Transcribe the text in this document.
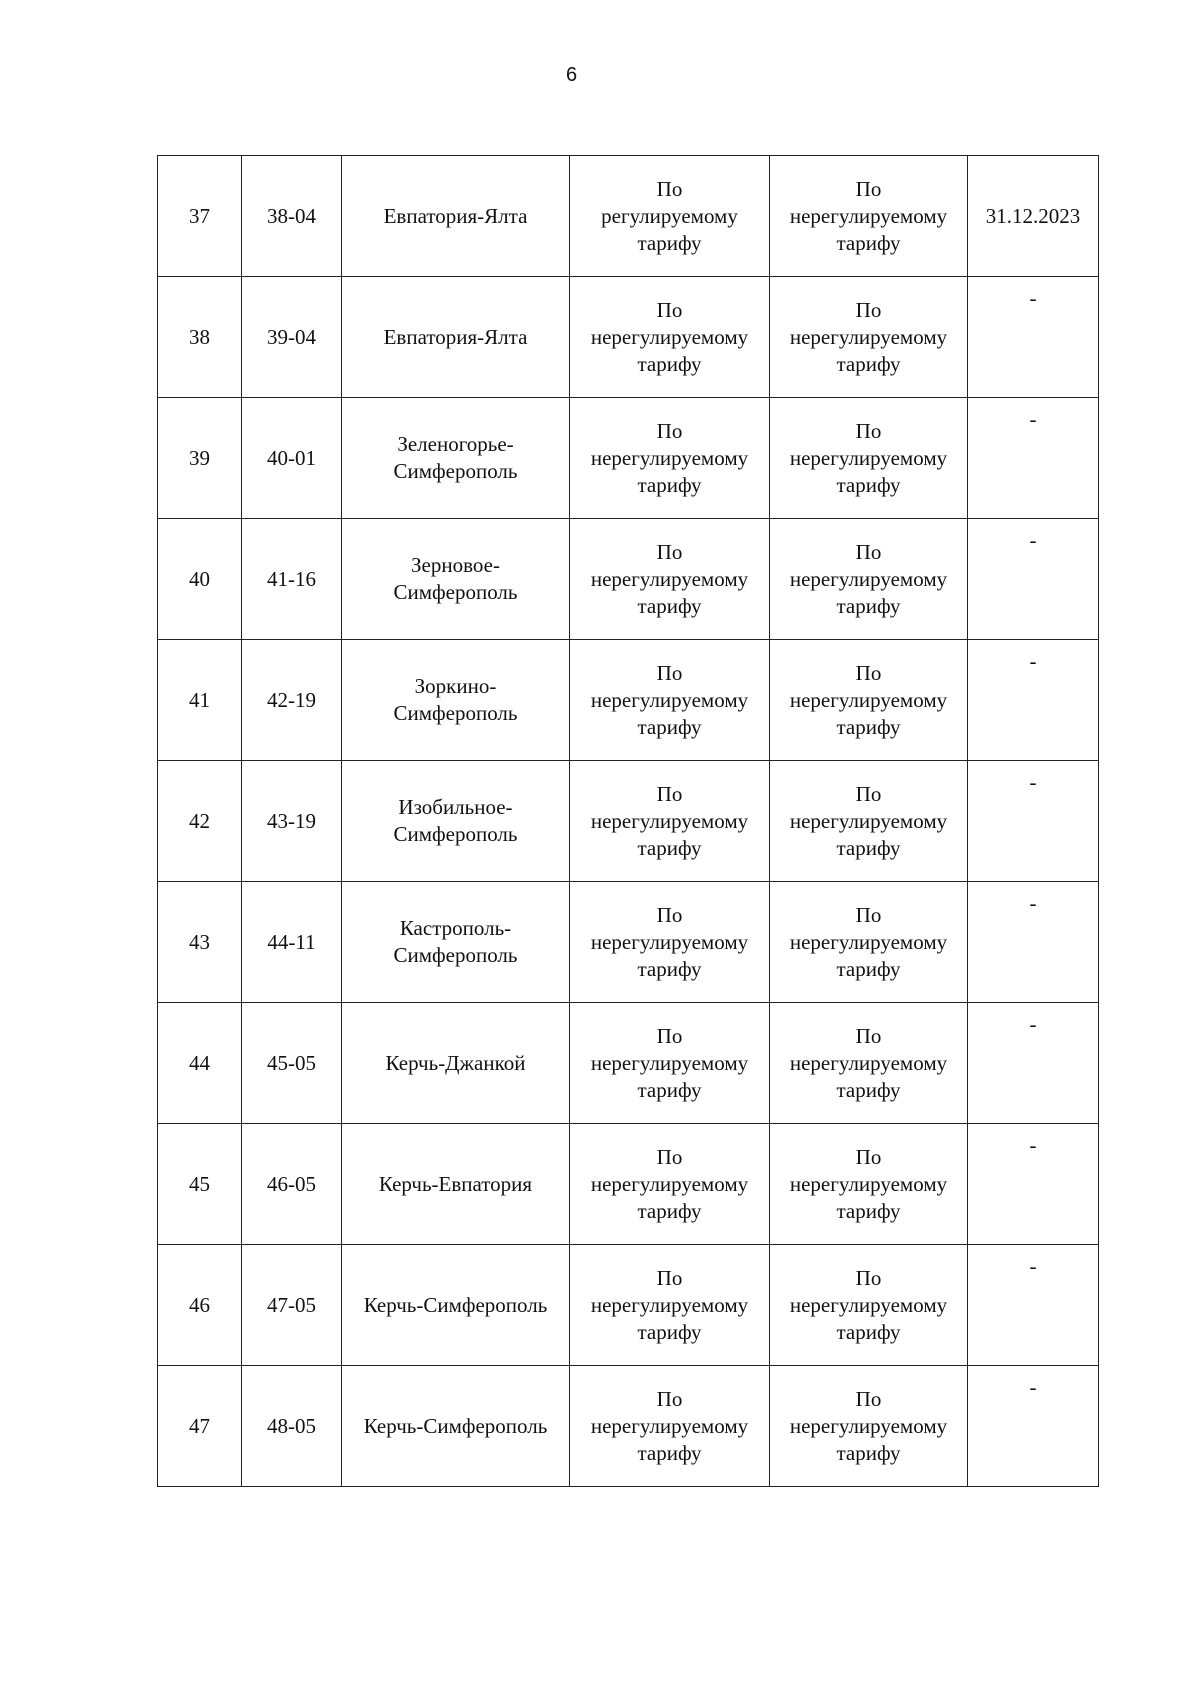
6
37	38-04	Евпатория-Ялта	По
регулируемому
тарифу	По
нерегулируемому
тарифу	31.12.2023
38	39-04	Евпатория-Ялта	По
нерегулируемому
тарифу	По
нерегулируемому
тарифу	-

39	40-01	Зеленогорье-
Симферополь	По
нерегулируемому
тарифу	По
нерегулируемому
тарифу	-

40	41-16	Зерновое-
Симферополь	По
нерегулируемому
тарифу	По
нерегулируемому
тарифу	-

41	42-19	Зоркино-
Симферополь	По
нерегулируемому
тарифу	По
нерегулируемому
тарифу	-

42	43-19	Изобильное-
Симферополь	По
нерегулируемому
тарифу	По
нерегулируемому
тарифу	-

43	44-11	Кастрополь-
Симферополь	По
нерегулируемому
тарифу	По
нерегулируемому
тарифу	-

44	45-05	Керчь-Джанкой	По
нерегулируемому
тарифу	По
нерегулируемому
тарифу	-

45	46-05	Керчь-Евпатория	По
нерегулируемому
тарифу	По
нерегулируемому
тарифу	-

46	47-05	Керчь-Симферополь	По
нерегулируемому
тарифу	По
нерегулируемому
тарифу	-

47	48-05	Керчь-Симферополь	По
нерегулируемому
тарифу	По
нерегулируемому
тарифу	-
